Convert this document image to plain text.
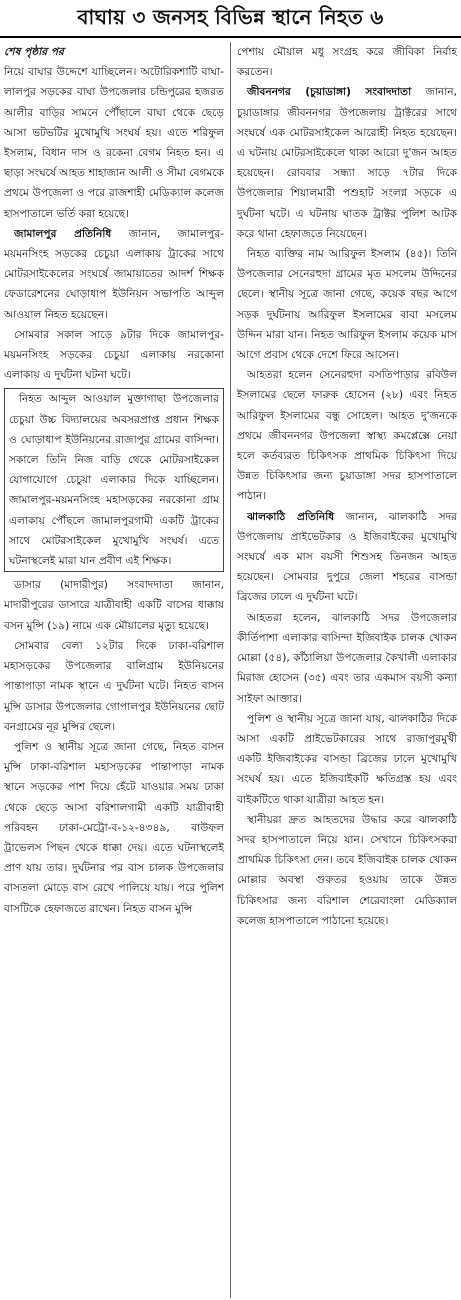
বাঘায় ৩ জনসহ বিভিন্ন স্থানে নিহত ৬

শেষ পৃষ্ঠার পর

নিয়ে বাঘার উদ্দেশে যাচ্ছিলেন। অটোরিকশাটি বাঘা-লালপুর সড়কের বাঘা উপজেলার চন্ডিপুরের হজরত আলীর বাড়ির সামনে পৌঁছালে বাঘা থেকে ছেড়ে আসা ভটভটির মুখোমুখি সংঘর্ষ হয়। এতে শরিফুল ইসলাম, বিধান দাস ও রকেনা বেগম নিহত হন। এ ছাড়া সংঘর্ষে আহত শাহাজান আলী ও সীমা বেগমকে প্রথমে উপজেলা ও পরে রাজশাহী মেডিক্যাল কলেজ হাসপাতালে ভর্তি করা হয়েছে।

জামালপুর প্রতিনিধি জানান, জামালপুর-ময়মনসিংহ সড়কের চেচুয়া এলাকায় ট্রাকের সাথে মোটরসাইকেলের সংঘর্ষে জামায়াতের আদর্শ শিক্ষক ফেডারেশনের ঘোড়াধাপ ইউনিয়ন সভাপতি আব্দুল আওয়াল নিহত হয়েছেন।

সোমবার সকাল সাড়ে ৯টার দিকে জামালপুর-ময়মনসিংহ সড়কের চেচুয়া এলাকায় নরকোনা এলাকায় এ দুর্ঘটনা ঘটনা ঘটে।

নিহত আব্দুল আওয়াল মুক্তাগাছা উপজেলার চেচুয়া উচ্চ বিদ্যালয়ের অবসরপ্রাপ্ত প্রধান শিক্ষক ও ঘোড়াধাপ ইউনিয়নের রাজাপুর গ্রামের বাসিন্দা। সকালে তিনি নিজ বাড়ি থেকে মোটরসাইকেল যোগাযোগে চেচুয়া এলাকার দিকে যাচ্ছিলেন। জামালপুর-ময়মনসিংহ মহাসড়কের নরকোনা গ্রাম এলাকায় পৌঁছলে জামালপুরগামী একটি ট্রাকের সাথে মোটরসাইকেল মুখোমুখি সংঘর্ষ। এতে ঘটনাস্থলেই মারা যান প্রবীণ এই শিক্ষক।

ডাসার (মাদারীপুর) সংবাদদাতা জানান, মাদারীপুরের ডাসারে যাত্রীবাহী একটি বাসের ধাক্কায় বসন মুন্সি (১৯) নামে এক মৌয়ালের মৃত্যু হয়েছে।

সোমবার বেলা ১২টার দিকে ঢাকা-বরিশাল মহাসড়কের উপজেলার বালিগ্রাম ইউনিয়নের পান্তাপাড়া নামক স্থানে এ দুর্ঘটনা ঘটে। নিহত বাসন মুন্সি ডাসার উপজেলার গোপালপুর ইউনিয়নের ছোট বনগ্রামের নূর মুন্সির ছেলে।

পুলিশ ও স্থানীয় সূত্রে জানা গেছে, নিহত বাসন মুন্সি ঢাকা-বরিশাল মহাসড়কের পান্তাপাড়া নামক স্থানে সড়কের পাশ দিয়ে হেঁটে যাওয়ার সময় ঢাকা থেকে ছেড়ে আসা বরিশালগামী একটি যাত্রীবাহী পরিবহন ঢাকা-মেট্রো-ব-১২-৪৩৪৯, বাউফল ট্রাভেলস পিছন থেকে ধাক্কা দেয়। এতে ঘটনাস্থলেই প্রাণ যায় তার। দুর্ঘটনার পর বাস চালক উপজেলার বাসতলা মোড়ে বাস রেখে পালিয়ে যায়। পরে পুলিশ বাসটিকে হেফাজতে রাখেন। নিহত বাসন মুন্সি

পেশায় মৌয়াল মধু সংগ্রহ করে জীবিকা নির্বাহ করতেন।

জীবননগর (চুয়াডাঙ্গা) সংবাদদাতা জানান, চুয়াডাঙ্গার জীবননগর উপজেলায় ট্রাক্টরের সাথে সংঘর্ষে এক মোটরসাইকেল আরোহী নিহত হয়েছেন। এ ঘটনায় মোটরসাইকেলে থাকা আরো দু'জন আহত হয়েছেন। রোববার সন্ধ্যা সাড়ে ৭টার দিকে উপজেলার শিয়ালমারী পশুহাট সংলগ্ন সড়কে এ দুর্ঘটনা ঘটে। এ ঘটনায় ঘাতক ট্রাক্টর পুলিশ আটক করে থানা হেফাজতে নিয়েছেন।

নিহত ব্যক্তির নাম আরিফুল ইসলাম (৪৫)। তিনি উপজেলার সেনেরহুদা গ্রামের মৃত মসলেম উদ্দিনের ছেলে। স্থানীয় সূত্রে জানা গেছে, কয়েক বছর আগে সড়ক দুর্ঘটনায় আরিফুল ইসলামের বাবা মসলেম উদ্দিন মারা যান। নিহত আরিফুল ইসলাম কয়েক মাস আগে প্রবাস থেকে দেশে ফিরে আসেন।

আহতরা হলেন সেনেরহুদা বসতিপাড়ার রবিউল ইসলামের ছেলে ফারুক হোসেন (২৮) এবং নিহত আরিফুল ইসলামের বন্ধু সোহেল। আহত দু'জনকে প্রথমে জীবননগর উপজেলা স্বাস্থ্য কমপ্লেক্সে নেয়া হলে কর্তব্যরত চিকিৎসক প্রাথমিক চিকিৎসা দিয়ে উন্নত চিকিৎসার জন্য চুয়াডাঙ্গা সদর হাসপাতালে পাঠান।

ঝালকাঠি প্রতিনিধি জানান, ঝালকাঠি সদর উপজেলায় প্রাইভেটকার ও ইজিবাইকের মুখোমুখি সংঘর্ষে এক মাস বয়সী শিশুসহ তিনজন আহত হয়েছেন। সোমবার দুপুরে জেলা শহরের বাসন্ডা ব্রিজের ঢালে এ দুর্ঘটনা ঘটে।

আহতরা হলেন, ঝালকাঠি সদর উপজেলার কীর্তিপাশা এলাকার বাসিন্দা ইজিবাইক চালক খোকন মোল্লা (৫৪), কাঁঠালিয়া উপজেলার কৈখালী এলাকার মিরাজ হোসেন (৩৫) এবং তার একমাস বয়সী কন্যা সাইফা আক্তার।

পুলিশ ও স্থানীয় সূত্রে জানা যায়, ঝালকাঠির দিকে আসা একটি প্রাইভেটকারের সাথে রাজাপুরমুখী একটি ইজিবাইকের বাসন্ডা ব্রিজের ঢালে মুখোমুখি সংঘর্ষ হয়। এতে ইজিবাইকটি ক্ষতিগ্রস্ত হয় এবং বাইকটিতে থাকা যাত্রীরা আহত হন।

স্থানীয়রা দ্রুত আহতদের উদ্ধার করে ঝালকাঠি সদর হাসপাতালে নিয়ে যান। সেখানে চিকিৎসকরা প্রাথমিক চিকিৎসা দেন। তবে ইজিবাইক চালক খোকন মোল্লার অবস্থা গুরুতর হওয়ায় তাকে উন্নত চিকিৎসার জন্য বরিশাল শেরেবাংলা মেডিক্যাল কলেজ হাসপাতালে পাঠানো হয়েছে।
